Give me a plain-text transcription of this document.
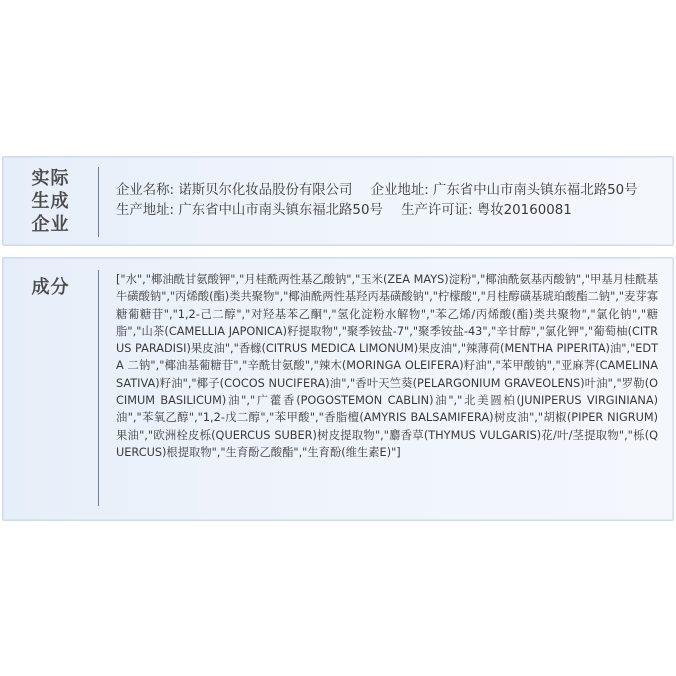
实际
生成
企业
企业名称: 诺斯贝尔化妆品股份有限公司 企业地址: 广东省中山市南头镇东福北路50号
生产地址: 广东省中山市南头镇东福北路50号 生产许可证: 粤妆20160081
成分	["水","椰油酰甘氨酸钾","月桂酰两性基乙酸钠","玉米(ZEA MAYS)淀粉","椰油酰氨基丙酸钠","甲基月桂酰基牛磺酸钠","丙烯酸(酯)类共聚物","椰油酰两性基羟丙基磺酸钠","柠檬酸","月桂醇磺基琥珀酸酯二钠","麦芽寡糖葡糖苷","1,2-己二醇","对羟基苯乙酮","氢化淀粉水解物","苯乙烯/丙烯酸(酯)类共聚物","氯化钠","糖脂","山茶(CAMELLIA JAPONICA)籽提取物","聚季铵盐-7","聚季铵盐-43","辛甘醇","氯化钾","葡萄柚(CITRUS PARADISI)果皮油","香橼(CITRUS MEDICA LIMONUM)果皮油","辣薄荷(MENTHA PIPERITA)油","EDTA 二钠","椰油基葡糖苷","辛酰甘氨酸","辣木(MORINGA OLEIFERA)籽油","苯甲酸钠","亚麻荠(CAMELINA SATIVA)籽油","椰子(COCOS NUCIFERA)油","香叶天竺葵(PELARGONIUM GRAVEOLENS)叶油","罗勒(OCIMUM BASILICUM)油","广藿香(POGOSTEMON CABLIN)油","北美圆柏(JUNIPERUS VIRGINIANA)油","苯氧乙醇","1,2-戊二醇","苯甲酸","香脂檀(AMYRIS BALSAMIFERA)树皮油","胡椒(PIPER NIGRUM)果油","欧洲栓皮栎(QUERCUS SUBER)树皮提取物","麝香草(THYMUS VULGARIS)花/叶/茎提取物","栎(QUERCUS)根提取物","生育酚乙酸酯","生育酚(维生素E)"]
